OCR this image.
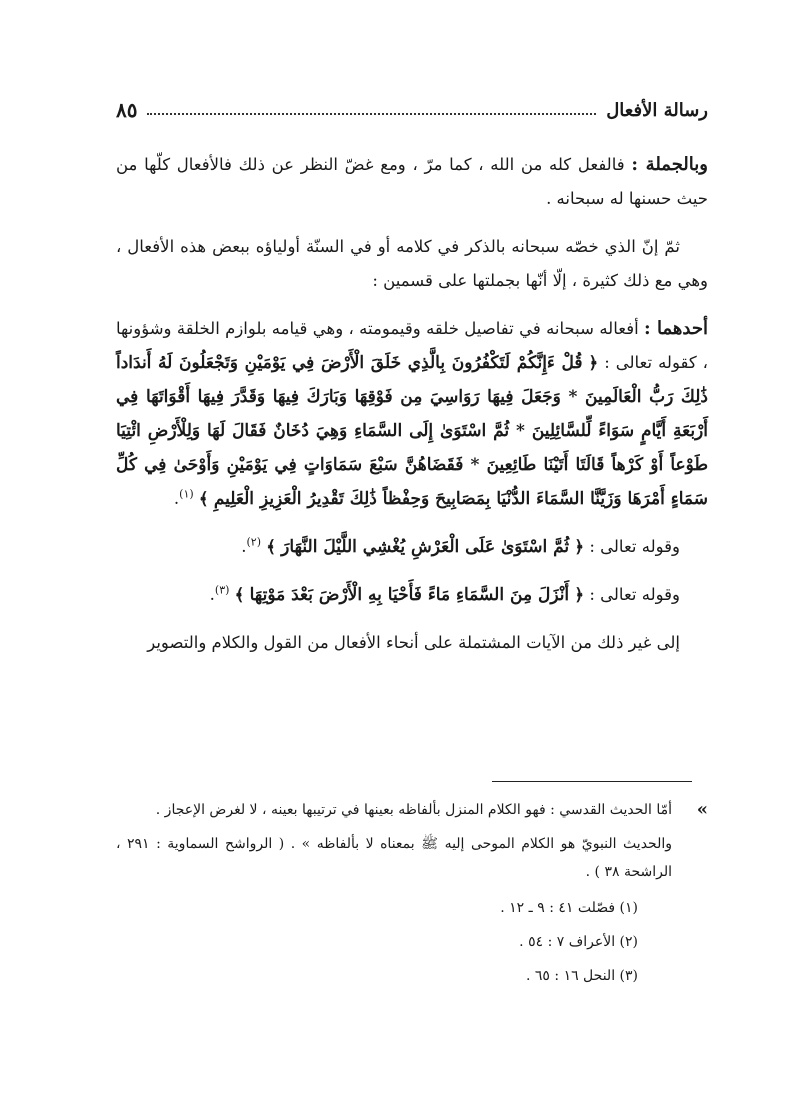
رسالة الأفعال
٨٥

وبالجملة : فالفعل كله من الله ، كما مرّ ، ومع غضّ النظر عن ذلك فالأفعال كلّها من حيث حسنها له سبحانه .

ثمّ إنّ الذي خصّه سبحانه بالذكر في كلامه أو في السنّة أولياؤه ببعض هذه الأفعال ، وهي مع ذلك كثيرة ، إلّا أنّها بجملتها على قسمين :

أحدهما : أفعاله سبحانه في تفاصيل خلقه وقيمومته ، وهي قيامه بلوازم الخلقة وشؤونها ، كقوله تعالى : ﴿ قُلْ ءَإِنَّكُمْ لَتَكْفُرُونَ بِالَّذِي خَلَقَ الْأَرْضَ فِي يَوْمَيْنِ وَتَجْعَلُونَ لَهُ أَندَاداً ذَٰلِكَ رَبُّ الْعَالَمِينَ * وَجَعَلَ فِيهَا رَوَاسِيَ مِن فَوْقِهَا وَبَارَكَ فِيهَا وَقَدَّرَ فِيهَا أَقْوَاتَهَا فِي أَرْبَعَةِ أَيَّامٍ سَوَاءً لِّلسَّائِلِينَ * ثُمَّ اسْتَوَىٰ إِلَى السَّمَاءِ وَهِيَ دُخَانٌ فَقَالَ لَهَا وَلِلْأَرْضِ ائْتِيَا طَوْعاً أَوْ كَرْهاً قَالَتَا أَتَيْنَا طَائِعِينَ * فَقَضَاهُنَّ سَبْعَ سَمَاوَاتٍ فِي يَوْمَيْنِ وَأَوْحَىٰ فِي كُلِّ سَمَاءٍ أَمْرَهَا وَزَيَّنَّا السَّمَاءَ الدُّنْيَا بِمَصَابِيحَ وَحِفْظاً ذَٰلِكَ تَقْدِيرُ الْعَزِيزِ الْعَلِيمِ ﴾ $^{(١)}$.

وقوله تعالى : ﴿ ثُمَّ اسْتَوَىٰ عَلَى الْعَرْشِ يُغْشِي اللَّيْلَ النَّهَارَ ﴾ $^{(٢)}$.

وقوله تعالى : ﴿ أَنْزَلَ مِنَ السَّمَاءِ مَاءً فَأَحْيَا بِهِ الْأَرْضَ بَعْدَ مَوْتِهَا ﴾ $^{(٣)}$.

إلى غير ذلك من الآيات المشتملة على أنحاء الأفعال من القول والكلام والتصوير

»
أمّا الحديث القدسي : فهو الكلام المنزل بألفاظه بعينها في ترتيبها بعينه ، لا لغرض الإعجاز .
والحديث النبويّ هو الكلام الموحى إليه ﷺ بمعناه لا بألفاظه » . ( الرواشح السماوية : ٢٩١ ، الراشحة ٣٨ ) .
(١) فصّلت ٤١ : ٩ ـ ١٢ .
(٢) الأعراف ٧ : ٥٤ .
(٣) النحل ١٦ : ٦٥ .
